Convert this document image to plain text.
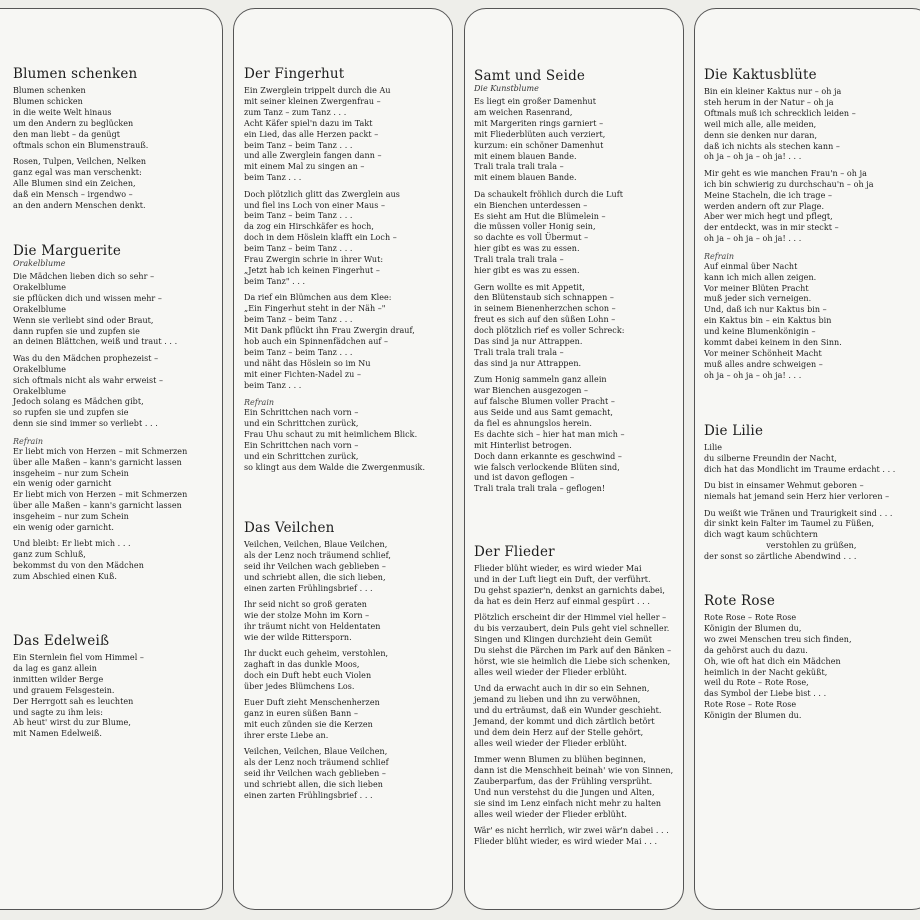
Blumen schenken
Blumen schenken
Blumen schicken
in die weite Welt hinaus
um den Andern zu beglücken
den man liebt – da genügt
oftmals schon ein Blumenstrauß.
Rosen, Tulpen, Veilchen, Nelken
ganz egal was man verschenkt:
Alle Blumen sind ein Zeichen,
daß ein Mensch – irgendwo –
an den andern Menschen denkt.
Die Marguerite
Orakelblume
Die Mädchen lieben dich so sehr –
Orakelblume
sie pflücken dich und wissen mehr –
Orakelblume
Wenn sie verliebt sind oder Braut,
dann rupfen sie und zupfen sie
an deinen Blättchen, weiß und traut . . .
Was du den Mädchen prophezeist –
Orakelblume
sich oftmals nicht als wahr erweist –
Orakelblume
Jedoch solang es Mädchen gibt,
so rupfen sie und zupfen sie
denn sie sind immer so verliebt . . .
Refrain
Er liebt mich von Herzen – mit Schmerzen
über alle Maßen – kann's garnicht lassen
insgeheim – nur zum Schein
ein wenig oder garnicht
Er liebt mich von Herzen – mit Schmerzen
über alle Maßen – kann's garnicht lassen
insgeheim – nur zum Schein
ein wenig oder garnicht.
Und bleibt: Er liebt mich . . .
ganz zum Schluß,
bekommst du von den Mädchen
zum Abschied einen Kuß.
Das Edelweiß
Ein Sternlein fiel vom Himmel –
da lag es ganz allein
inmitten wilder Berge
und grauem Felsgestein.
Der Herrgott sah es leuchten
und sagte zu ihm leis:
Ab heut' wirst du zur Blume,
mit Namen Edelweiß.
Der Fingerhut
Ein Zwerglein trippelt durch die Au
mit seiner kleinen Zwergenfrau –
zum Tanz – zum Tanz . . .
Acht Käfer spiel'n dazu im Takt
ein Lied, das alle Herzen packt –
beim Tanz – beim Tanz . . .
und alle Zwerglein fangen dann –
mit einem Mal zu singen an –
beim Tanz . . .
Doch plötzlich glitt das Zwerglein aus
und fiel ins Loch von einer Maus –
beim Tanz – beim Tanz . . .
da zog ein Hirschkäfer es hoch,
doch in dem Höslein klafft ein Loch –
beim Tanz – beim Tanz . . .
Frau Zwergin schrie in ihrer Wut:
„Jetzt hab ich keinen Fingerhut –
beim Tanz" . . .
Da rief ein Blümchen aus dem Klee:
„Ein Fingerhut steht in der Näh –"
beim Tanz – beim Tanz . . .
Mit Dank pflückt ihn Frau Zwergin drauf,
hob auch ein Spinnenfädchen auf –
beim Tanz – beim Tanz . . .
und näht das Höslein so im Nu
mit einer Fichten-Nadel zu –
beim Tanz . . .
Refrain
Ein Schrittchen nach vorn –
und ein Schrittchen zurück,
Frau Uhu schaut zu mit heimlichem Blick.
Ein Schrittchen nach vorn –
und ein Schrittchen zurück,
so klingt aus dem Walde die Zwergenmusik.
Das Veilchen
Veilchen, Veilchen, Blaue Veilchen,
als der Lenz noch träumend schlief,
seid ihr Veilchen wach geblieben –
und schriebt allen, die sich lieben,
einen zarten Frühlingsbrief . . .
Ihr seid nicht so groß geraten
wie der stolze Mohn im Korn –
ihr träumt nicht von Heldentaten
wie der wilde Rittersporn.
Ihr duckt euch geheim, verstohlen,
zaghaft in das dunkle Moos,
doch ein Duft hebt euch Violen
über jedes Blümchens Los.
Euer Duft zieht Menschenherzen
ganz in euren süßen Bann –
mit euch zünden sie die Kerzen
ihrer erste Liebe an.
Veilchen, Veilchen, Blaue Veilchen,
als der Lenz noch träumend schlief
seid ihr Veilchen wach geblieben –
und schriebt allen, die sich lieben
einen zarten Frühlingsbrief . . .
Samt und Seide
Die Kunstblume
Es liegt ein großer Damenhut
am weichen Rasenrand,
mit Margeriten rings garniert –
mit Fliederblüten auch verziert,
kurzum: ein schöner Damenhut
mit einem blauen Bande.
Trali trala trali trala –
mit einem blauen Bande.
Da schaukelt fröhlich durch die Luft
ein Bienchen unterdessen –
Es sieht am Hut die Blümelein –
die müssen voller Honig sein,
so dachte es voll Übermut –
hier gibt es was zu essen.
Trali trala trali trala –
hier gibt es was zu essen.
Gern wollte es mit Appetit,
den Blütenstaub sich schnappen –
in seinem Bienenherzchen schon –
freut es sich auf den süßen Lohn –
doch plötzlich rief es voller Schreck:
Das sind ja nur Attrappen.
Trali trala trali trala –
das sind ja nur Attrappen.
Zum Honig sammeln ganz allein
war Bienchen ausgezogen –
auf falsche Blumen voller Pracht –
aus Seide und aus Samt gemacht,
da fiel es ahnungslos herein.
Es dachte sich – hier hat man mich –
mit Hinterlist betrogen.
Doch dann erkannte es geschwind –
wie falsch verlockende Blüten sind,
und ist davon geflogen –
Trali trala trali trala – geflogen!
Der Flieder
Flieder blüht wieder, es wird wieder Mai
und in der Luft liegt ein Duft, der verführt.
Du gehst spazier'n, denkst an garnichts dabei,
da hat es dein Herz auf einmal gespürt . . .
Plötzlich erscheint dir der Himmel viel heller –
du bis verzaubert, dein Puls geht viel schneller.
Singen und Klingen durchzieht dein Gemüt
Du siehst die Pärchen im Park auf den Bänken –
hörst, wie sie heimlich die Liebe sich schenken,
alles weil wieder der Flieder erblüht.
Und da erwacht auch in dir so ein Sehnen,
jemand zu lieben und ihn zu verwöhnen,
und du erträumst, daß ein Wunder geschieht.
Jemand, der kommt und dich zärtlich betört
und dem dein Herz auf der Stelle gehört,
alles weil wieder der Flieder erblüht.
Immer wenn Blumen zu blühen beginnen,
dann ist die Menschheit beinah' wie von Sinnen,
Zauberparfum, das der Frühling versprüht.
Und nun verstehst du die Jungen und Alten,
sie sind im Lenz einfach nicht mehr zu halten
alles weil wieder der Flieder erblüht.
Wär' es nicht herrlich, wir zwei wär'n dabei . . .
Flieder blüht wieder, es wird wieder Mai . . .
Die Kaktusblüte
Bin ein kleiner Kaktus nur – oh ja
steh herum in der Natur – oh ja
Oftmals muß ich schrecklich leiden –
weil mich alle, alle meiden,
denn sie denken nur daran,
daß ich nichts als stechen kann –
oh ja – oh ja – oh ja! . . .
Mir geht es wie manchen Frau'n – oh ja
ich bin schwierig zu durchschau'n – oh ja
Meine Stacheln, die ich trage –
werden andern oft zur Plage.
Aber wer mich hegt und pflegt,
der entdeckt, was in mir steckt –
oh ja – oh ja – oh ja! . . .
Refrain
Auf einmal über Nacht
kann ich mich allen zeigen.
Vor meiner Blüten Pracht
muß jeder sich verneigen.
Und, daß ich nur Kaktus bin –
ein Kaktus bin – ein Kaktus bin
und keine Blumenkönigin –
kommt dabei keinem in den Sinn.
Vor meiner Schönheit Macht
muß alles andre schweigen –
oh ja – oh ja – oh ja! . . .
Die Lilie
Lilie
du silberne Freundin der Nacht,
dich hat das Mondlicht im Traume erdacht . . .
Du bist in einsamer Wehmut geboren –
niemals hat jemand sein Herz hier verloren –
Du weißt wie Tränen und Traurigkeit sind . . .
dir sinkt kein Falter im Taumel zu Füßen,
dich wagt kaum schüchtern
verstohlen zu grüßen,
der sonst so zärtliche Abendwind . . .
Rote Rose
Rote Rose – Rote Rose
Königin der Blumen du,
wo zwei Menschen treu sich finden,
da gehörst auch du dazu.
Oh, wie oft hat dich ein Mädchen
heimlich in der Nacht geküßt,
weil du Rote – Rote Rose,
das Symbol der Liebe bist . . .
Rote Rose – Rote Rose
Königin der Blumen du.
